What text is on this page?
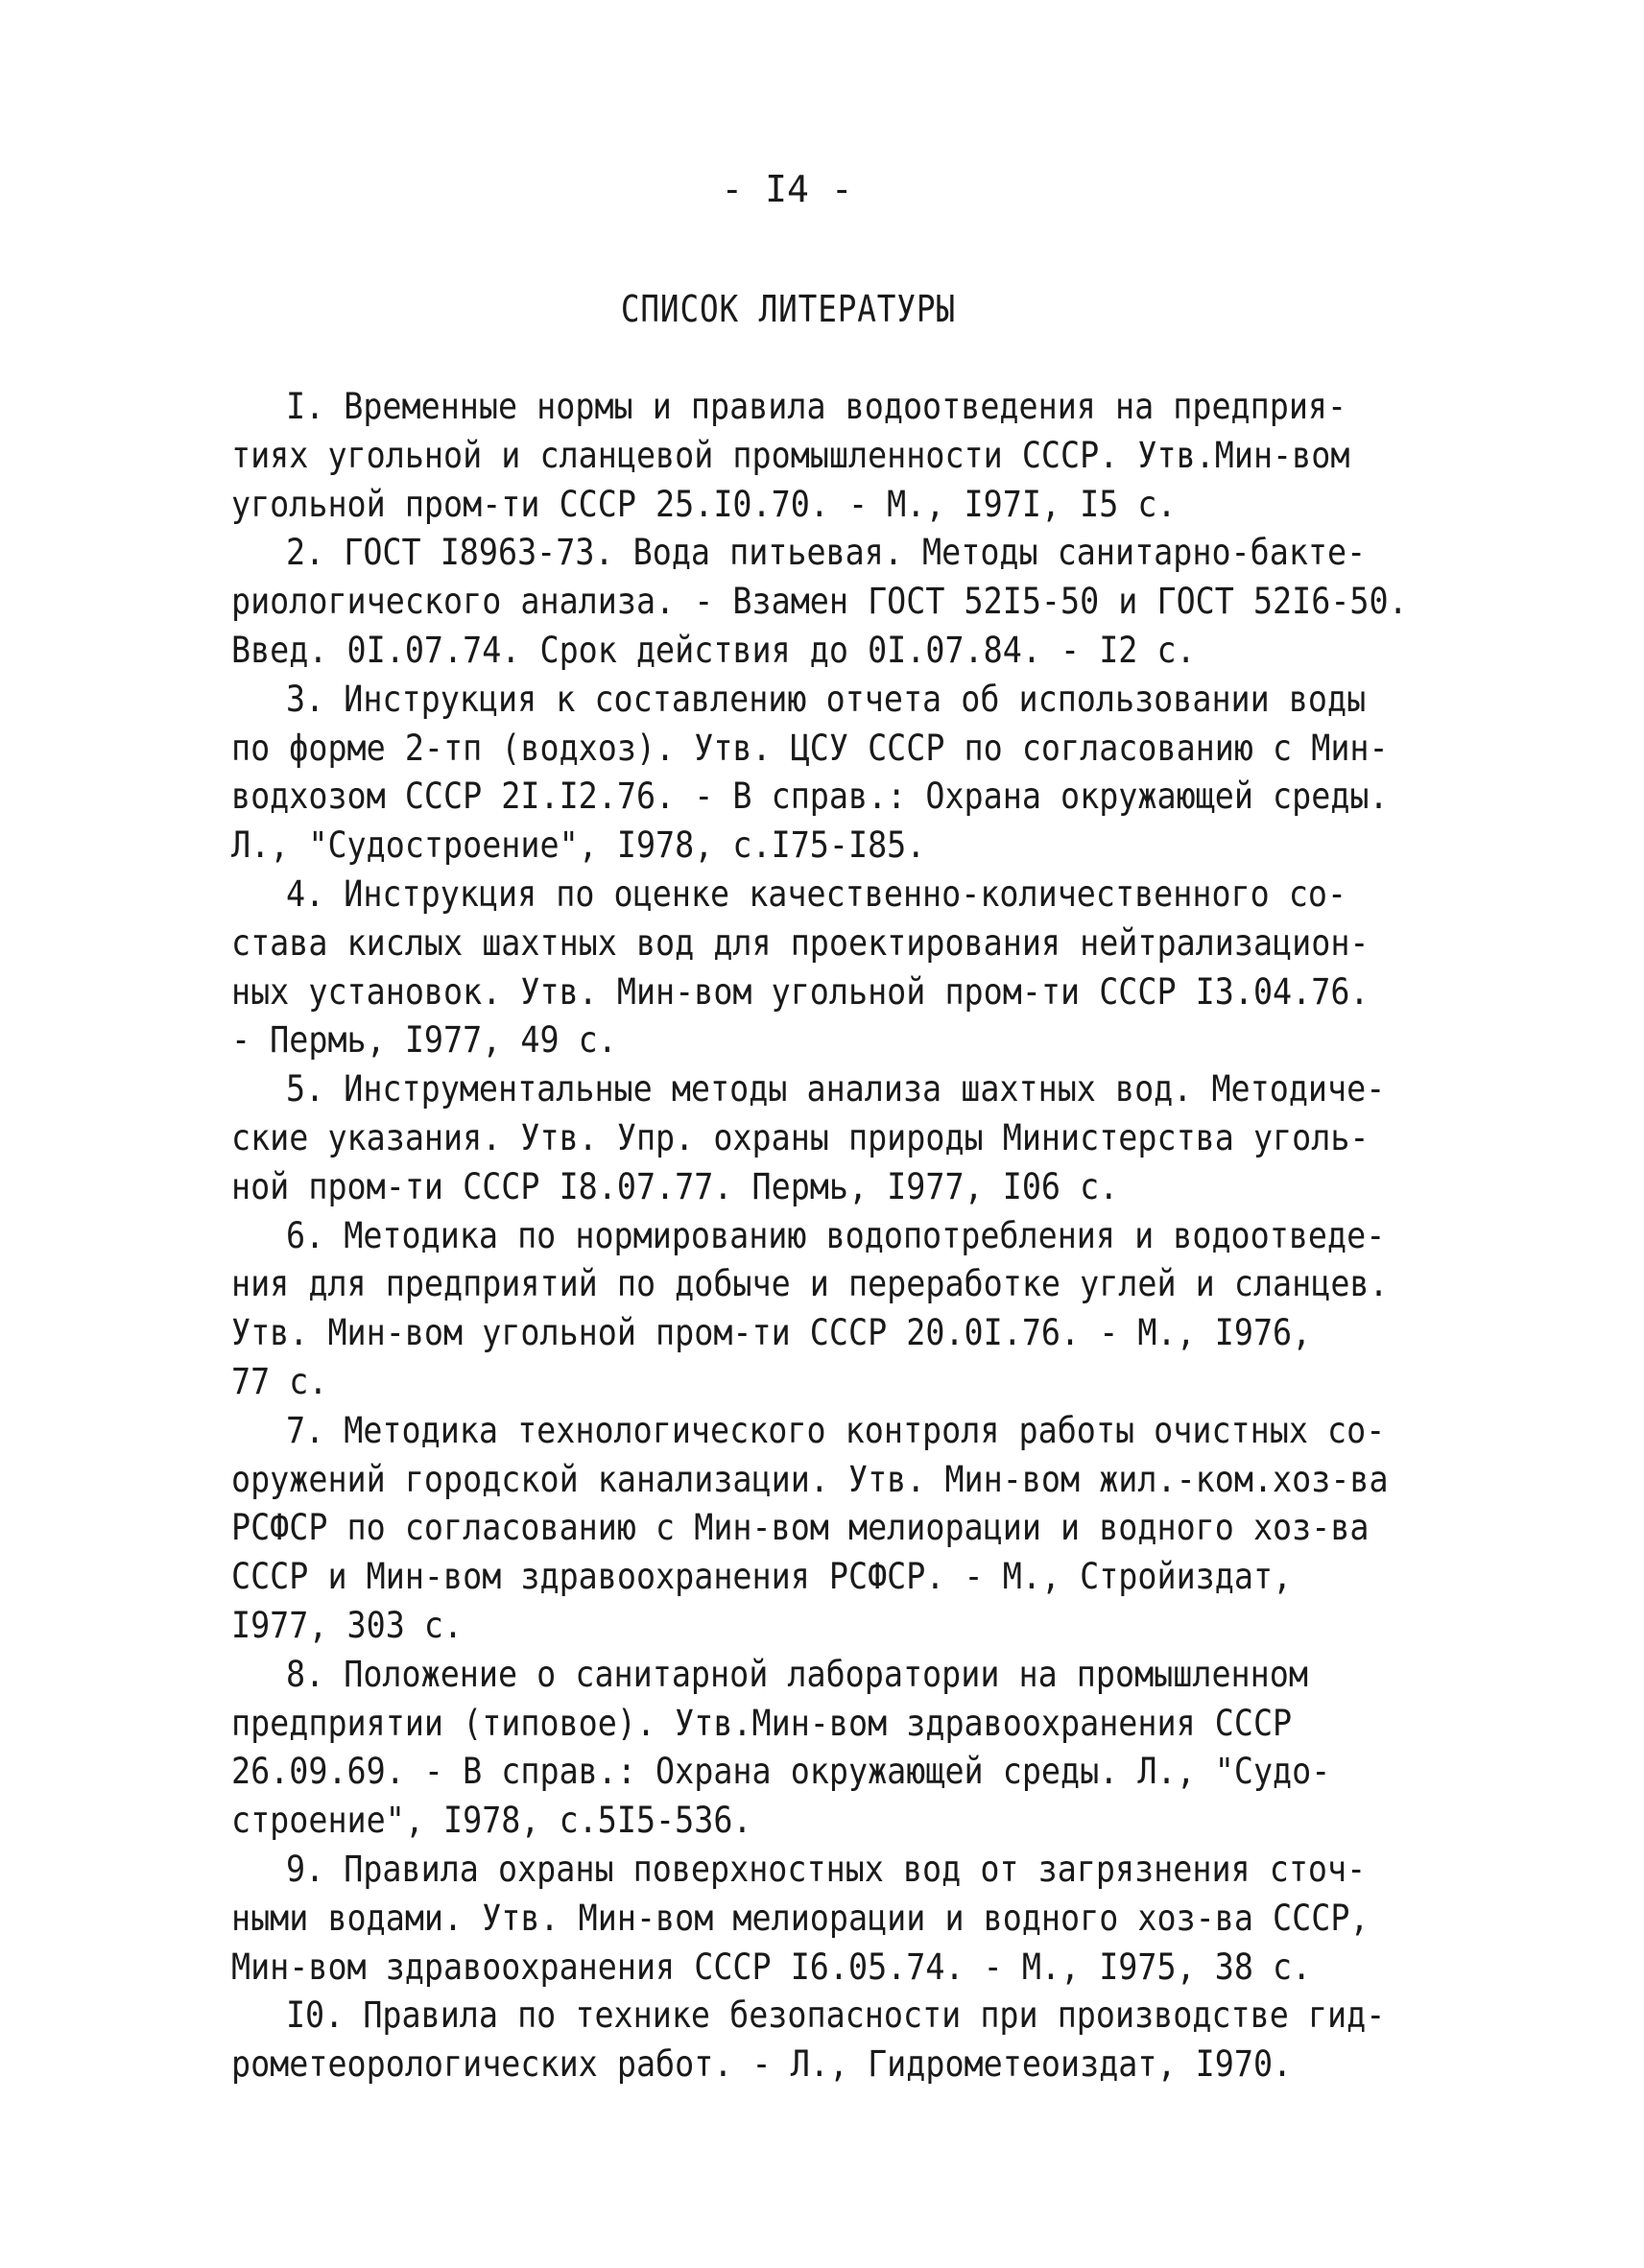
- I4 -
СПИСОК ЛИТЕРАТУРЫ
I. Временные нормы и правила водоотведения на предприя-
тиях угольной и сланцевой промышленности СССР. Утв.Мин-вом
угольной пром-ти СССР 25.I0.70. - М., I97I, I5 с.
2. ГОСТ I8963-73. Вода питьевая. Методы санитарно-бакте-
риологического анализа. - Взамен ГОСТ 52I5-50 и ГОСТ 52I6-50.
Введ. 0I.07.74. Срок действия до 0I.07.84. - I2 с.
3. Инструкция к составлению отчета об использовании воды
по форме 2-тп (водхоз). Утв. ЦСУ СССР по согласованию с Мин-
водхозом СССР 2I.I2.76. - В справ.: Охрана окружающей среды.
Л., "Судостроение", I978, с.I75-I85.
4. Инструкция по оценке качественно-количественного со-
става кислых шахтных вод для проектирования нейтрализацион-
ных установок. Утв. Мин-вом угольной пром-ти СССР I3.04.76.
- Пермь, I977, 49 с.
5. Инструментальные методы анализа шахтных вод. Методиче-
ские указания. Утв. Упр. охраны природы Министерства уголь-
ной пром-ти СССР I8.07.77. Пермь, I977, I06 с.
6. Методика по нормированию водопотребления и водоотведе-
ния для предприятий по добыче и переработке углей и сланцев.
Утв. Мин-вом угольной пром-ти СССР 20.0I.76. - М., I976,
77 с.
7. Методика технологического контроля работы очистных со-
оружений городской канализации. Утв. Мин-вом жил.-ком.хоз-ва
РСФСР по согласованию с Мин-вом мелиорации и водного хоз-ва
СССР и Мин-вом здравоохранения РСФСР. - М., Стройиздат,
I977, 303 с.
8. Положение о санитарной лаборатории на промышленном
предприятии (типовое). Утв.Мин-вом здравоохранения СССР
26.09.69. - В справ.: Охрана окружающей среды. Л., "Судо-
строение", I978, с.5I5-536.
9. Правила охраны поверхностных вод от загрязнения сточ-
ными водами. Утв. Мин-вом мелиорации и водного хоз-ва СССР,
Мин-вом здравоохранения СССР I6.05.74. - М., I975, 38 с.
I0. Правила по технике безопасности при производстве гид-
рометеорологических работ. - Л., Гидрометеоиздат, I970.
